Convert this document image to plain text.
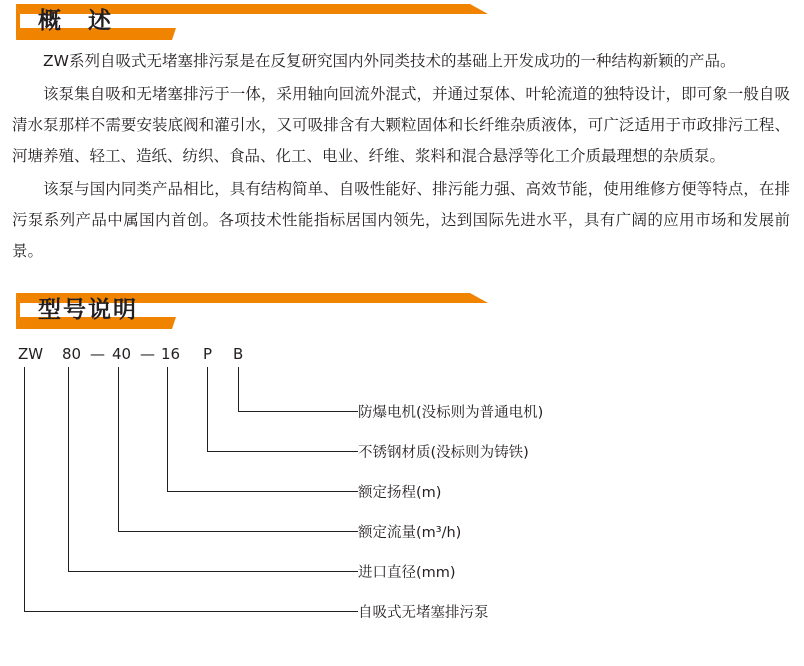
概　述

ZW系列自吸式无堵塞排污泵是在反复研究国内外同类技术的基础上开发成功的一种结构新颖的产品。

该泵集自吸和无堵塞排污于一体，采用轴向回流外混式，并通过泵体、叶轮流道的独特设计，即可象一般自吸清水泵那样不需要安装底阀和灌引水，又可吸排含有大颗粒固体和长纤维杂质液体，可广泛适用于市政排污工程、河塘养殖、轻工、造纸、纺织、食品、化工、电业、纤维、浆料和混合悬浮等化工介质最理想的杂质泵。

该泵与国内同类产品相比，具有结构简单、自吸性能好、排污能力强、高效节能，使用维修方便等特点，在排污泵系列产品中属国内首创。各项技术性能指标居国内领先，达到国际先进水平，具有广阔的应用市场和发展前景。

型号说明
ZW 80 — 40 — 16 P B
防爆电机(没标则为普通电机)
不锈钢材质(没标则为铸铁)
额定扬程(m)
额定流量(m³/h)
进口直径(mm)
自吸式无堵塞排污泵
